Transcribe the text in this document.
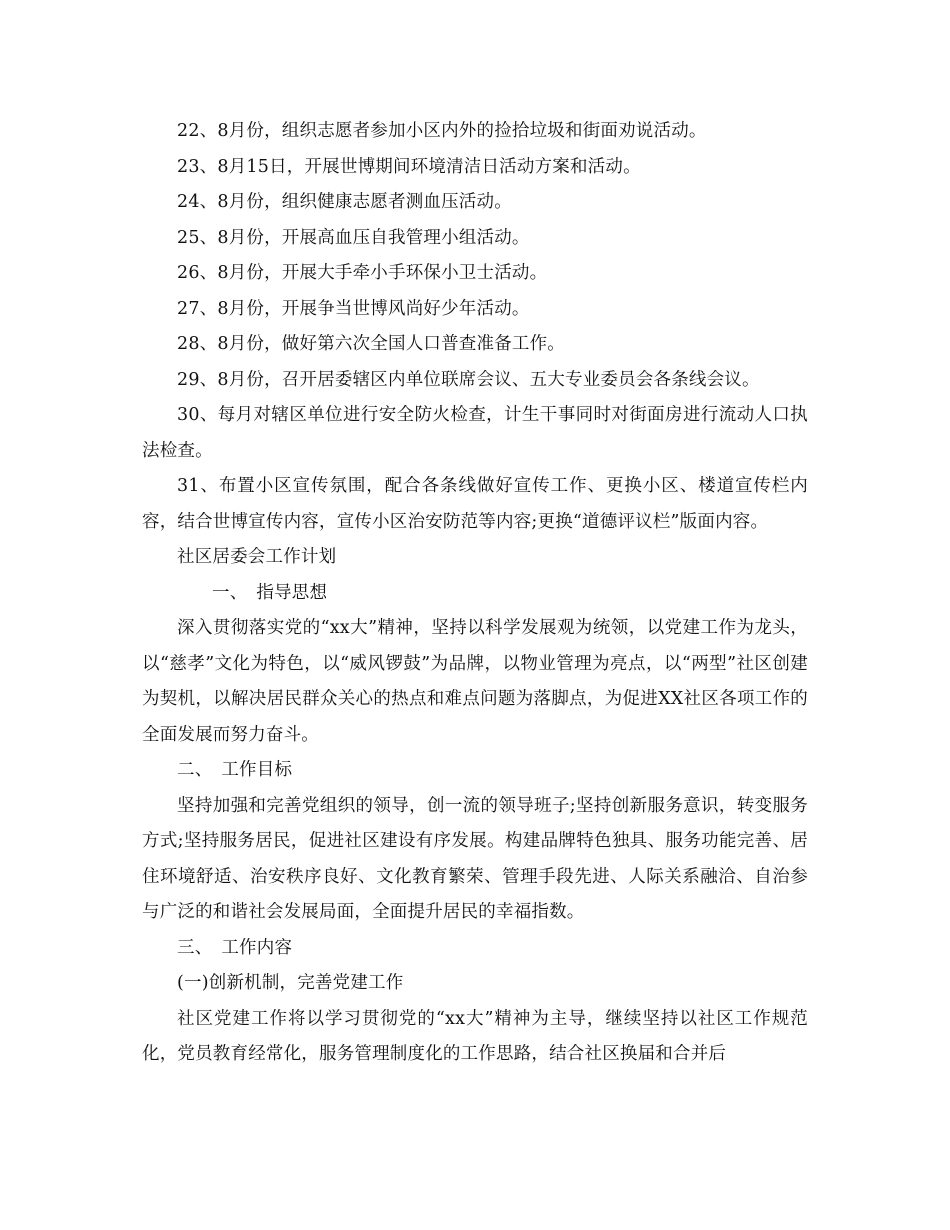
22、8月份，组织志愿者参加小区内外的捡拾垃圾和街面劝说活动。

23、8月15日，开展世博期间环境清洁日活动方案和活动。

24、8月份，组织健康志愿者测血压活动。

25、8月份，开展高血压自我管理小组活动。

26、8月份，开展大手牵小手环保小卫士活动。

27、8月份，开展争当世博风尚好少年活动。

28、8月份，做好第六次全国人口普查准备工作。

29、8月份，召开居委辖区内单位联席会议、五大专业委员会各条线会议。

30、每月对辖区单位进行安全防火检查，计生干事同时对街面房进行流动人口执法检查。

31、布置小区宣传氛围，配合各条线做好宣传工作、更换小区、楼道宣传栏内容，结合世博宣传内容，宣传小区治安防范等内容;更换“道德评议栏”版面内容。

社区居委会工作计划

一、　指导思想

深入贯彻落实党的“xx大”精神，坚持以科学发展观为统领，以党建工作为龙头，以“慈孝”文化为特色，以“威风锣鼓”为品牌，以物业管理为亮点，以“两型”社区创建为契机，以解决居民群众关心的热点和难点问题为落脚点，为促进XX社区各项工作的全面发展而努力奋斗。

二、　工作目标

坚持加强和完善党组织的领导，创一流的领导班子;坚持创新服务意识，转变服务方式;坚持服务居民，促进社区建设有序发展。构建品牌特色独具、服务功能完善、居住环境舒适、治安秩序良好、文化教育繁荣、管理手段先进、人际关系融洽、自治参与广泛的和谐社会发展局面，全面提升居民的幸福指数。

三、　工作内容

(一)创新机制，完善党建工作

社区党建工作将以学习贯彻党的“xx大”精神为主导，继续坚持以社区工作规范化，党员教育经常化，服务管理制度化的工作思路，结合社区换届和合并后
